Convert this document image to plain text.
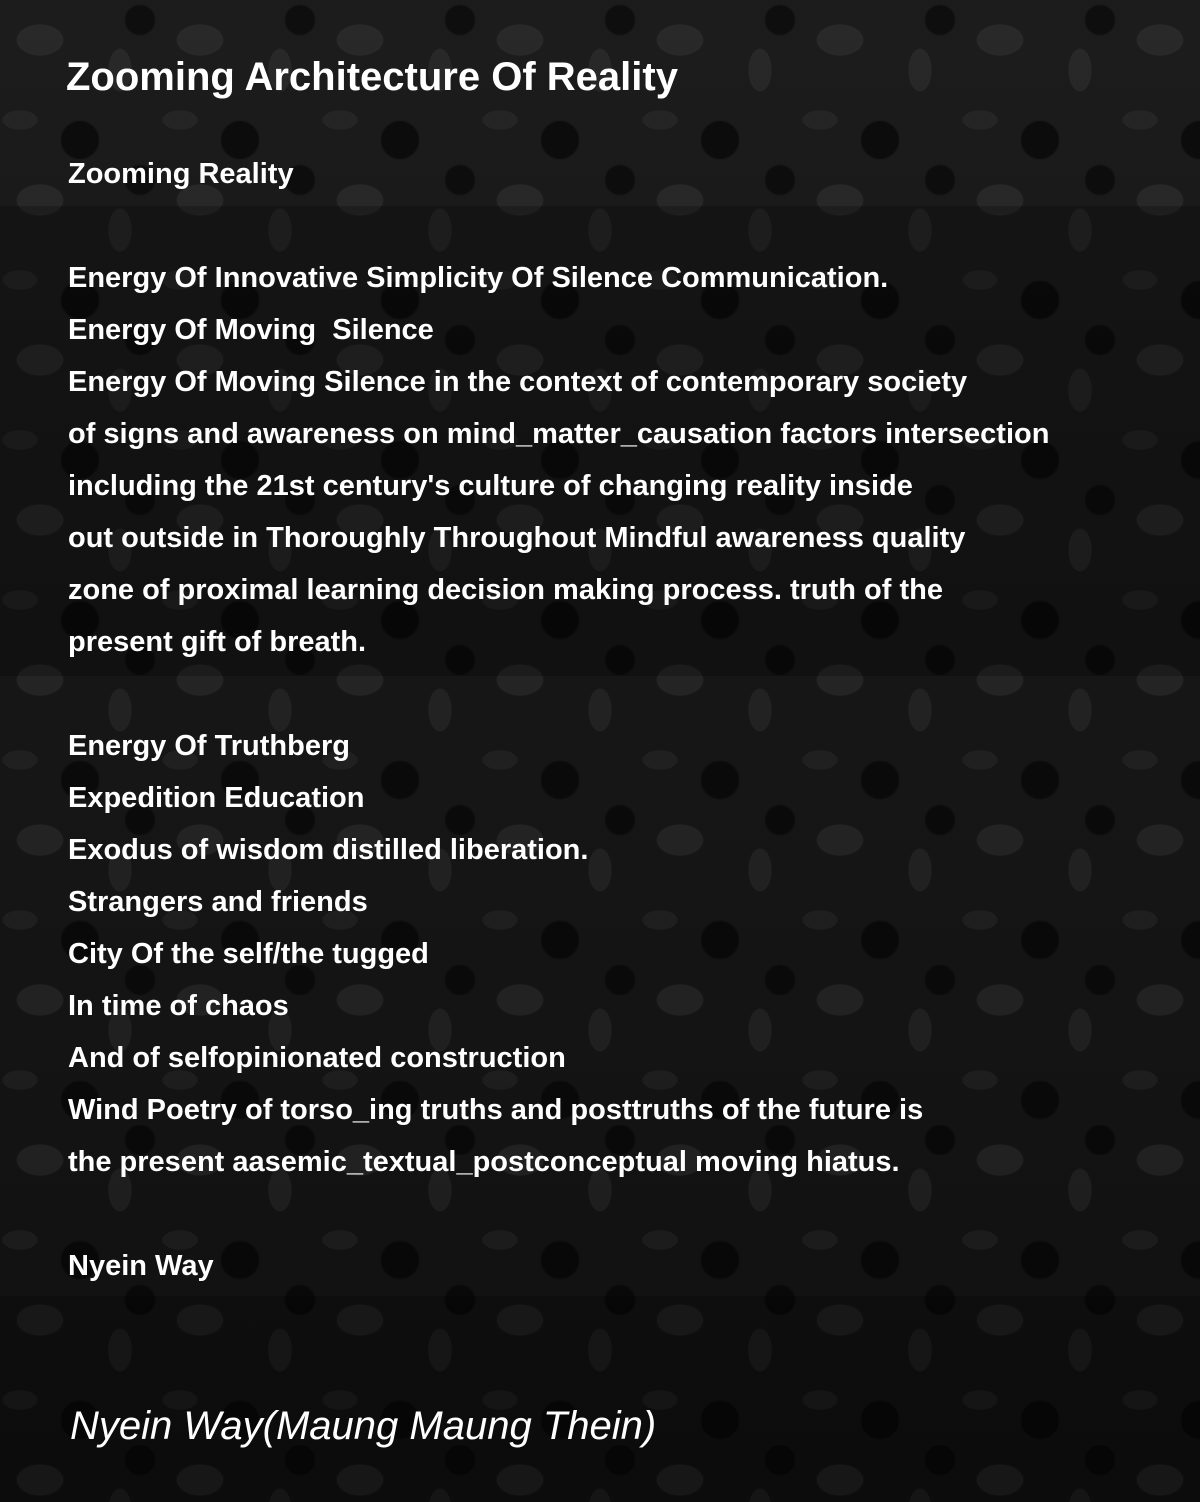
Zooming Architecture Of Reality
Zooming Reality
Energy Of Innovative Simplicity Of Silence Communication.
Energy Of Moving  Silence
Energy Of Moving Silence in the context of contemporary society
of signs and awareness on mind_matter_causation factors intersection
including the 21st century's culture of changing reality inside
out outside in Thoroughly Throughout Mindful awareness quality
zone of proximal learning decision making process. truth of the
present gift of breath.
Energy Of Truthberg
Expedition Education
Exodus of wisdom distilled liberation.
Strangers and friends
City Of the self/the tugged
In time of chaos
And of selfopinionated construction
Wind Poetry of torso_ing truths and posttruths of the future is
the present aasemic_textual_postconceptual moving hiatus.
Nyein Way
Nyein Way(Maung Maung Thein)
